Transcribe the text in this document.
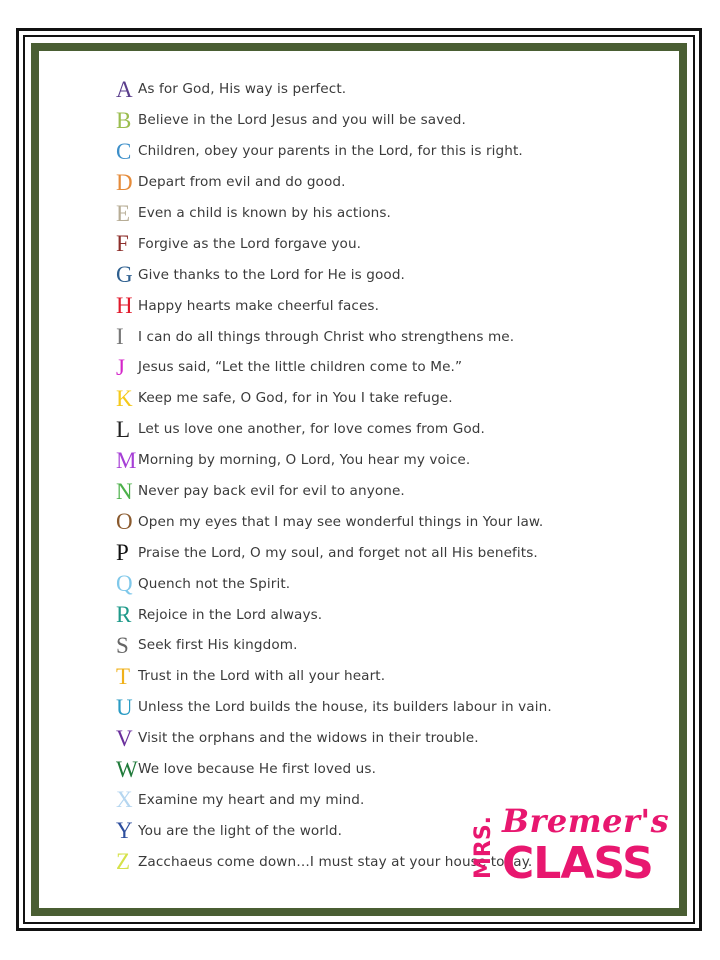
A As for God, His way is perfect.
B Believe in the Lord Jesus and you will be saved.
C Children, obey your parents in the Lord, for this is right.
D Depart from evil and do good.
E Even a child is known by his actions.
F Forgive as the Lord forgave you.
G Give thanks to the Lord for He is good.
H Happy hearts make cheerful faces.
I	I can do all things through Christ who strengthens me.
J Jesus said, “Let the little children come to Me.”
K Keep me safe, O God, for in You I take refuge.
L Let us love one another, for love comes from God.
M Morning by morning, O Lord, You hear my voice.
N Never pay back evil for evil to anyone.
O Open my eyes that I may see wonderful things in Your law.
P Praise the Lord, O my soul, and forget not all His benefits.
Q Quench not the Spirit.
R Rejoice in the Lord always.
S Seek first His kingdom.
T Trust in the Lord with all your heart.
U Unless the Lord builds the house, its builders labour in vain.
V Visit the orphans and the widows in their trouble.
W We love because He first loved us.
X Examine my heart and my mind.
Y You are the light of the world.
Z Zacchaeus come down…I must stay at your house today.
MRS. Bremer's
CLASS
